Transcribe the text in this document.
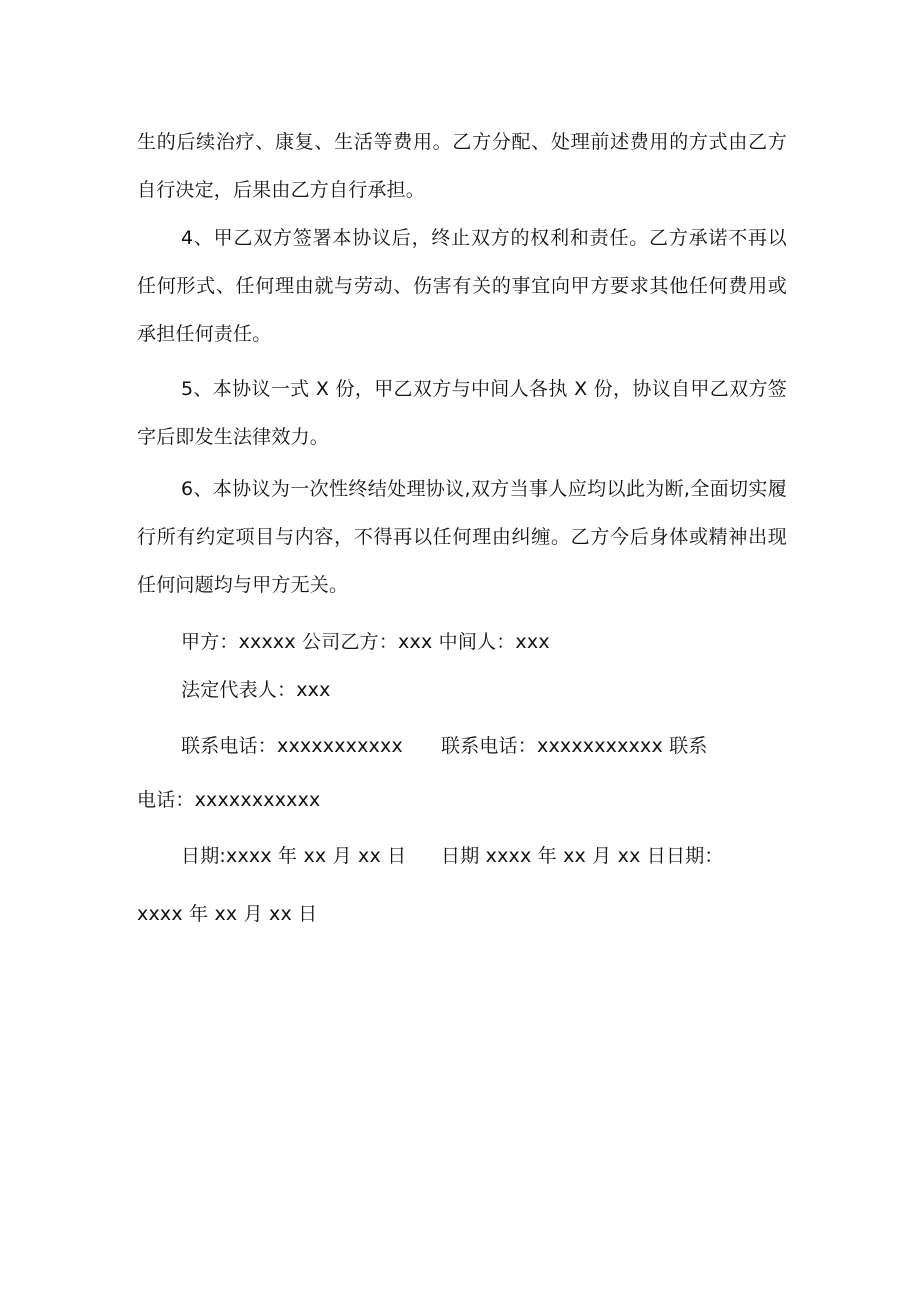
生的后续治疗、康复、生活等费用。乙方分配、处理前述费用的方式由乙方自行决定，后果由乙方自行承担。

4、甲乙双方签署本协议后，终止双方的权利和责任。乙方承诺不再以任何形式、任何理由就与劳动、伤害有关的事宜向甲方要求其他任何费用或承担任何责任。

5、本协议一式 X 份，甲乙双方与中间人各执 X 份，协议自甲乙双方签字后即发生法律效力。

6、本协议为一次性终结处理协议,双方当事人应均以此为断,全面切实履行所有约定项目与内容，不得再以任何理由纠缠。乙方今后身体或精神出现任何问题均与甲方无关。

甲方：xxxxx 公司乙方：xxx 中间人：xxx
法定代表人：xxx
联系电话：xxxxxxxxxxx 联系电话：xxxxxxxxxxx 联系
电话：xxxxxxxxxxx
日期:xxxx 年 xx 月 xx 日 日期 xxxx 年 xx 月 xx 日日期：
xxxx 年 xx 月 xx 日
